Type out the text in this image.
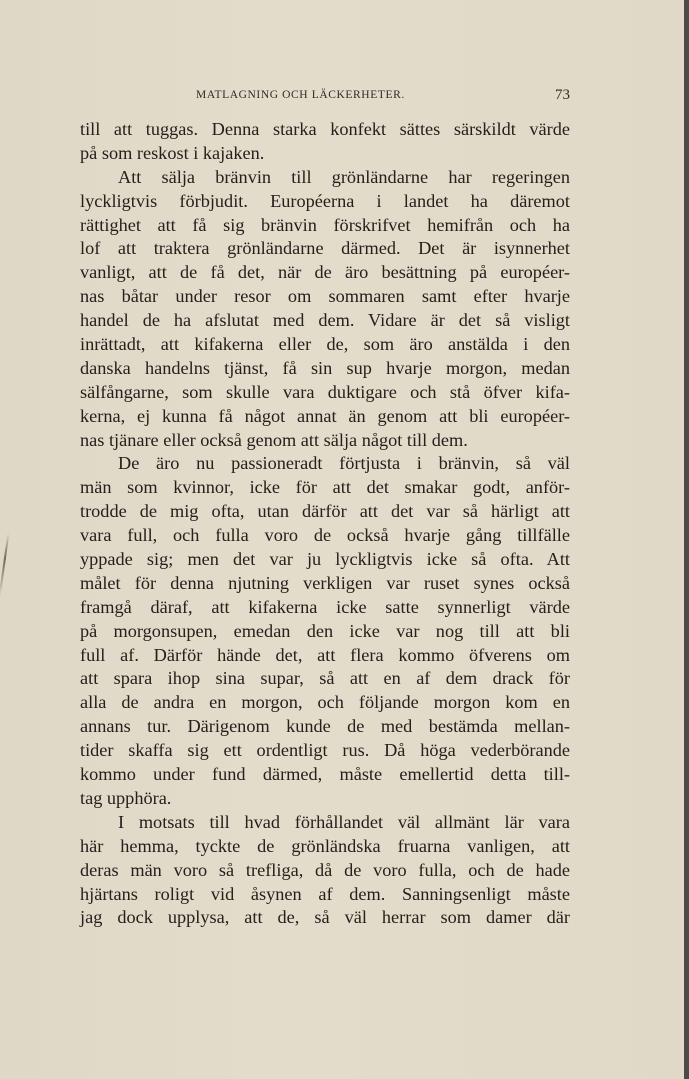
MATLAGNING OCH LÄCKERHETER.	73
till att tuggas. Denna starka konfekt sättes särskildt värde
på som reskost i kajaken.
Att sälja bränvin till grönländarne har regeringen
lyckligtvis förbjudit. Européerna i landet ha däremot
rättighet att få sig bränvin förskrifvet hemifrån och ha
lof att traktera grönländarne därmed. Det är isynnerhet
vanligt, att de få det, när de äro besättning på européer-
nas båtar under resor om sommaren samt efter hvarje
handel de ha afslutat med dem. Vidare är det så visligt
inrättadt, att kifakerna eller de, som äro anstälda i den
danska handelns tjänst, få sin sup hvarje morgon, medan
sälfångarne, som skulle vara duktigare och stå öfver kifa-
kerna, ej kunna få något annat än genom att bli européer-
nas tjänare eller också genom att sälja något till dem.
De äro nu passioneradt förtjusta i bränvin, så väl
män som kvinnor, icke för att det smakar godt, anför-
trodde de mig ofta, utan därför att det var så härligt att
vara full, och fulla voro de också hvarje gång tillfälle
yppade sig; men det var ju lyckligtvis icke så ofta. Att
målet för denna njutning verkligen var ruset synes också
framgå däraf, att kifakerna icke satte synnerligt värde
på morgonsupen, emedan den icke var nog till att bli
full af. Därför hände det, att flera kommo öfverens om
att spara ihop sina supar, så att en af dem drack för
alla de andra en morgon, och följande morgon kom en
annans tur. Därigenom kunde de med bestämda mellan-
tider skaffa sig ett ordentligt rus. Då höga vederbörande
kommo under fund därmed, måste emellertid detta till-
tag upphöra.
I motsats till hvad förhållandet väl allmänt lär vara
här hemma, tyckte de grönländska fruarna vanligen, att
deras män voro så trefliga, då de voro fulla, och de hade
hjärtans roligt vid åsynen af dem. Sanningsenligt måste
jag dock upplysa, att de, så väl herrar som damer där
